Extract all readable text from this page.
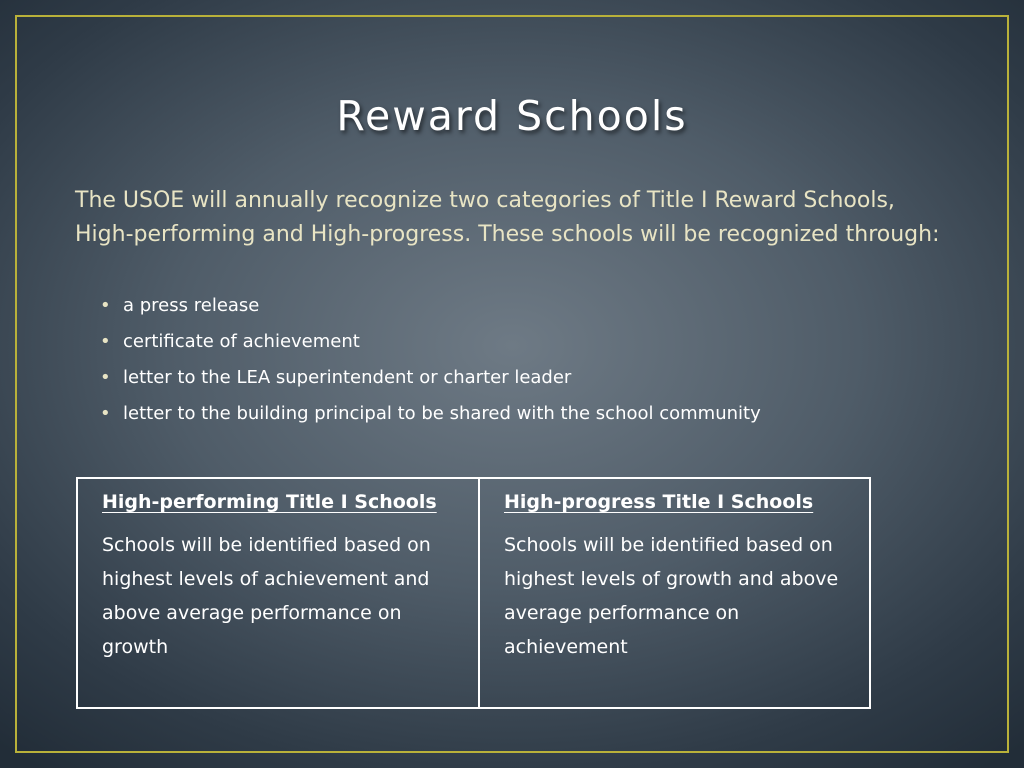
Reward Schools

The USOE will annually recognize two categories of Title I Reward Schools, High-performing and High-progress. These schools will be recognized through:

• a press release
• certificate of achievement
• letter to the LEA superintendent or charter leader
• letter to the building principal to be shared with the school community

High-performing Title I Schools

Schools will be identified based on highest levels of achievement and above average performance on growth

High-progress Title I Schools

Schools will be identified based on highest levels of growth and above average performance on achievement
